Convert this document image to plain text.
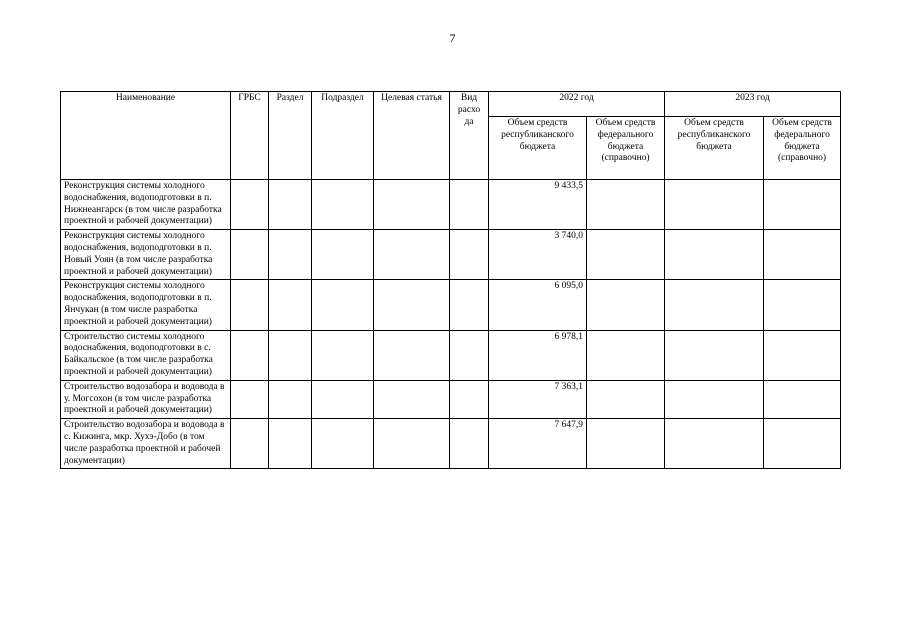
7
Наименование	ГРБС	Раздел	Подраздел	Целевая статья	Вид расхо да	2022 год		2023 год	
						Объем средств республиканского бюджета	Объем средств федерального бюджета (справочно)	Объем средств республиканского бюджета	Объем средств федерального бюджета (справочно)
Реконструкция системы холодного водоснабжения, водоподготовки в п. Нижнеангарск (в том числе разработка проектной и рабочей документации)						9 433,5			
Реконструкция системы холодного водоснабжения, водоподготовки в п. Новый Уоян (в том числе разработка проектной и рабочей документации)						3 740,0			
Реконструкция системы холодного водоснабжения, водоподготовки в п. Янчукан (в том числе разработка проектной и рабочей документации)						6 095,0			
Строительство системы холодного водоснабжения, водоподготовки в с. Байкальское (в том числе разработка проектной и рабочей документации)						6 978,1			
Строительство водозабора и водовода в у. Могсохон (в том числе разработка проектной и рабочей документации)						7 363,1			
Строительство водозабора и водовода в с. Кижинга, мкр. Хухэ-Добо (в том числе разработка проектной и рабочей документации)						7 647,9			
